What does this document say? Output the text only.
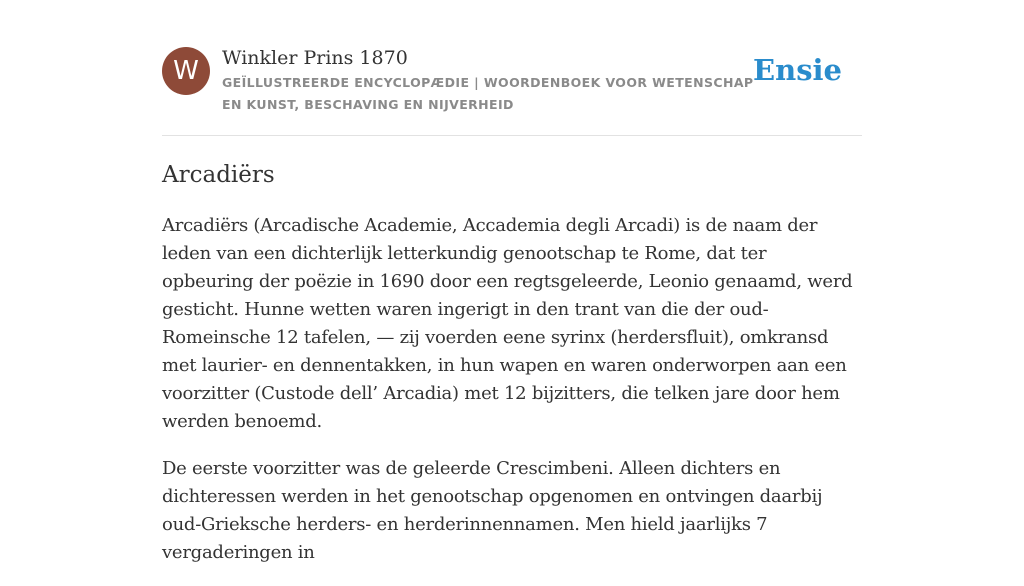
W	Winkler Prins 1870

GEÏLLUSTREERDE ENCYCLOPÆDIE | WOORDENBOEK VOOR WETENSCHAP EN KUNST, BESCHAVING EN NIJVERHEID

Ensie
Arcadiërs

Arcadiërs (Arcadische Academie, Accademia degli Arcadi) is de naam der leden van een dichterlijk letterkundig genootschap te Rome, dat ter opbeuring der poëzie in 1690 door een regtsgeleerde, Leonio genaamd, werd gesticht. Hunne wetten waren ingerigt in den trant van die der oud-Romeinsche 12 tafelen, — zij voerden eene syrinx (herdersfluit), omkransd met laurier- en dennentakken, in hun wapen en waren onderworpen aan een voorzitter (Custode dell’ Arcadia) met 12 bijzitters, die telken jare door hem werden benoemd.

De eerste voorzitter was de geleerde Crescimbeni. Alleen dichters en dichteressen werden in het genootschap opgenomen en ontvingen daarbij oud-Grieksche herders- en herderinnennamen. Men hield jaarlijks 7 vergaderingen in
